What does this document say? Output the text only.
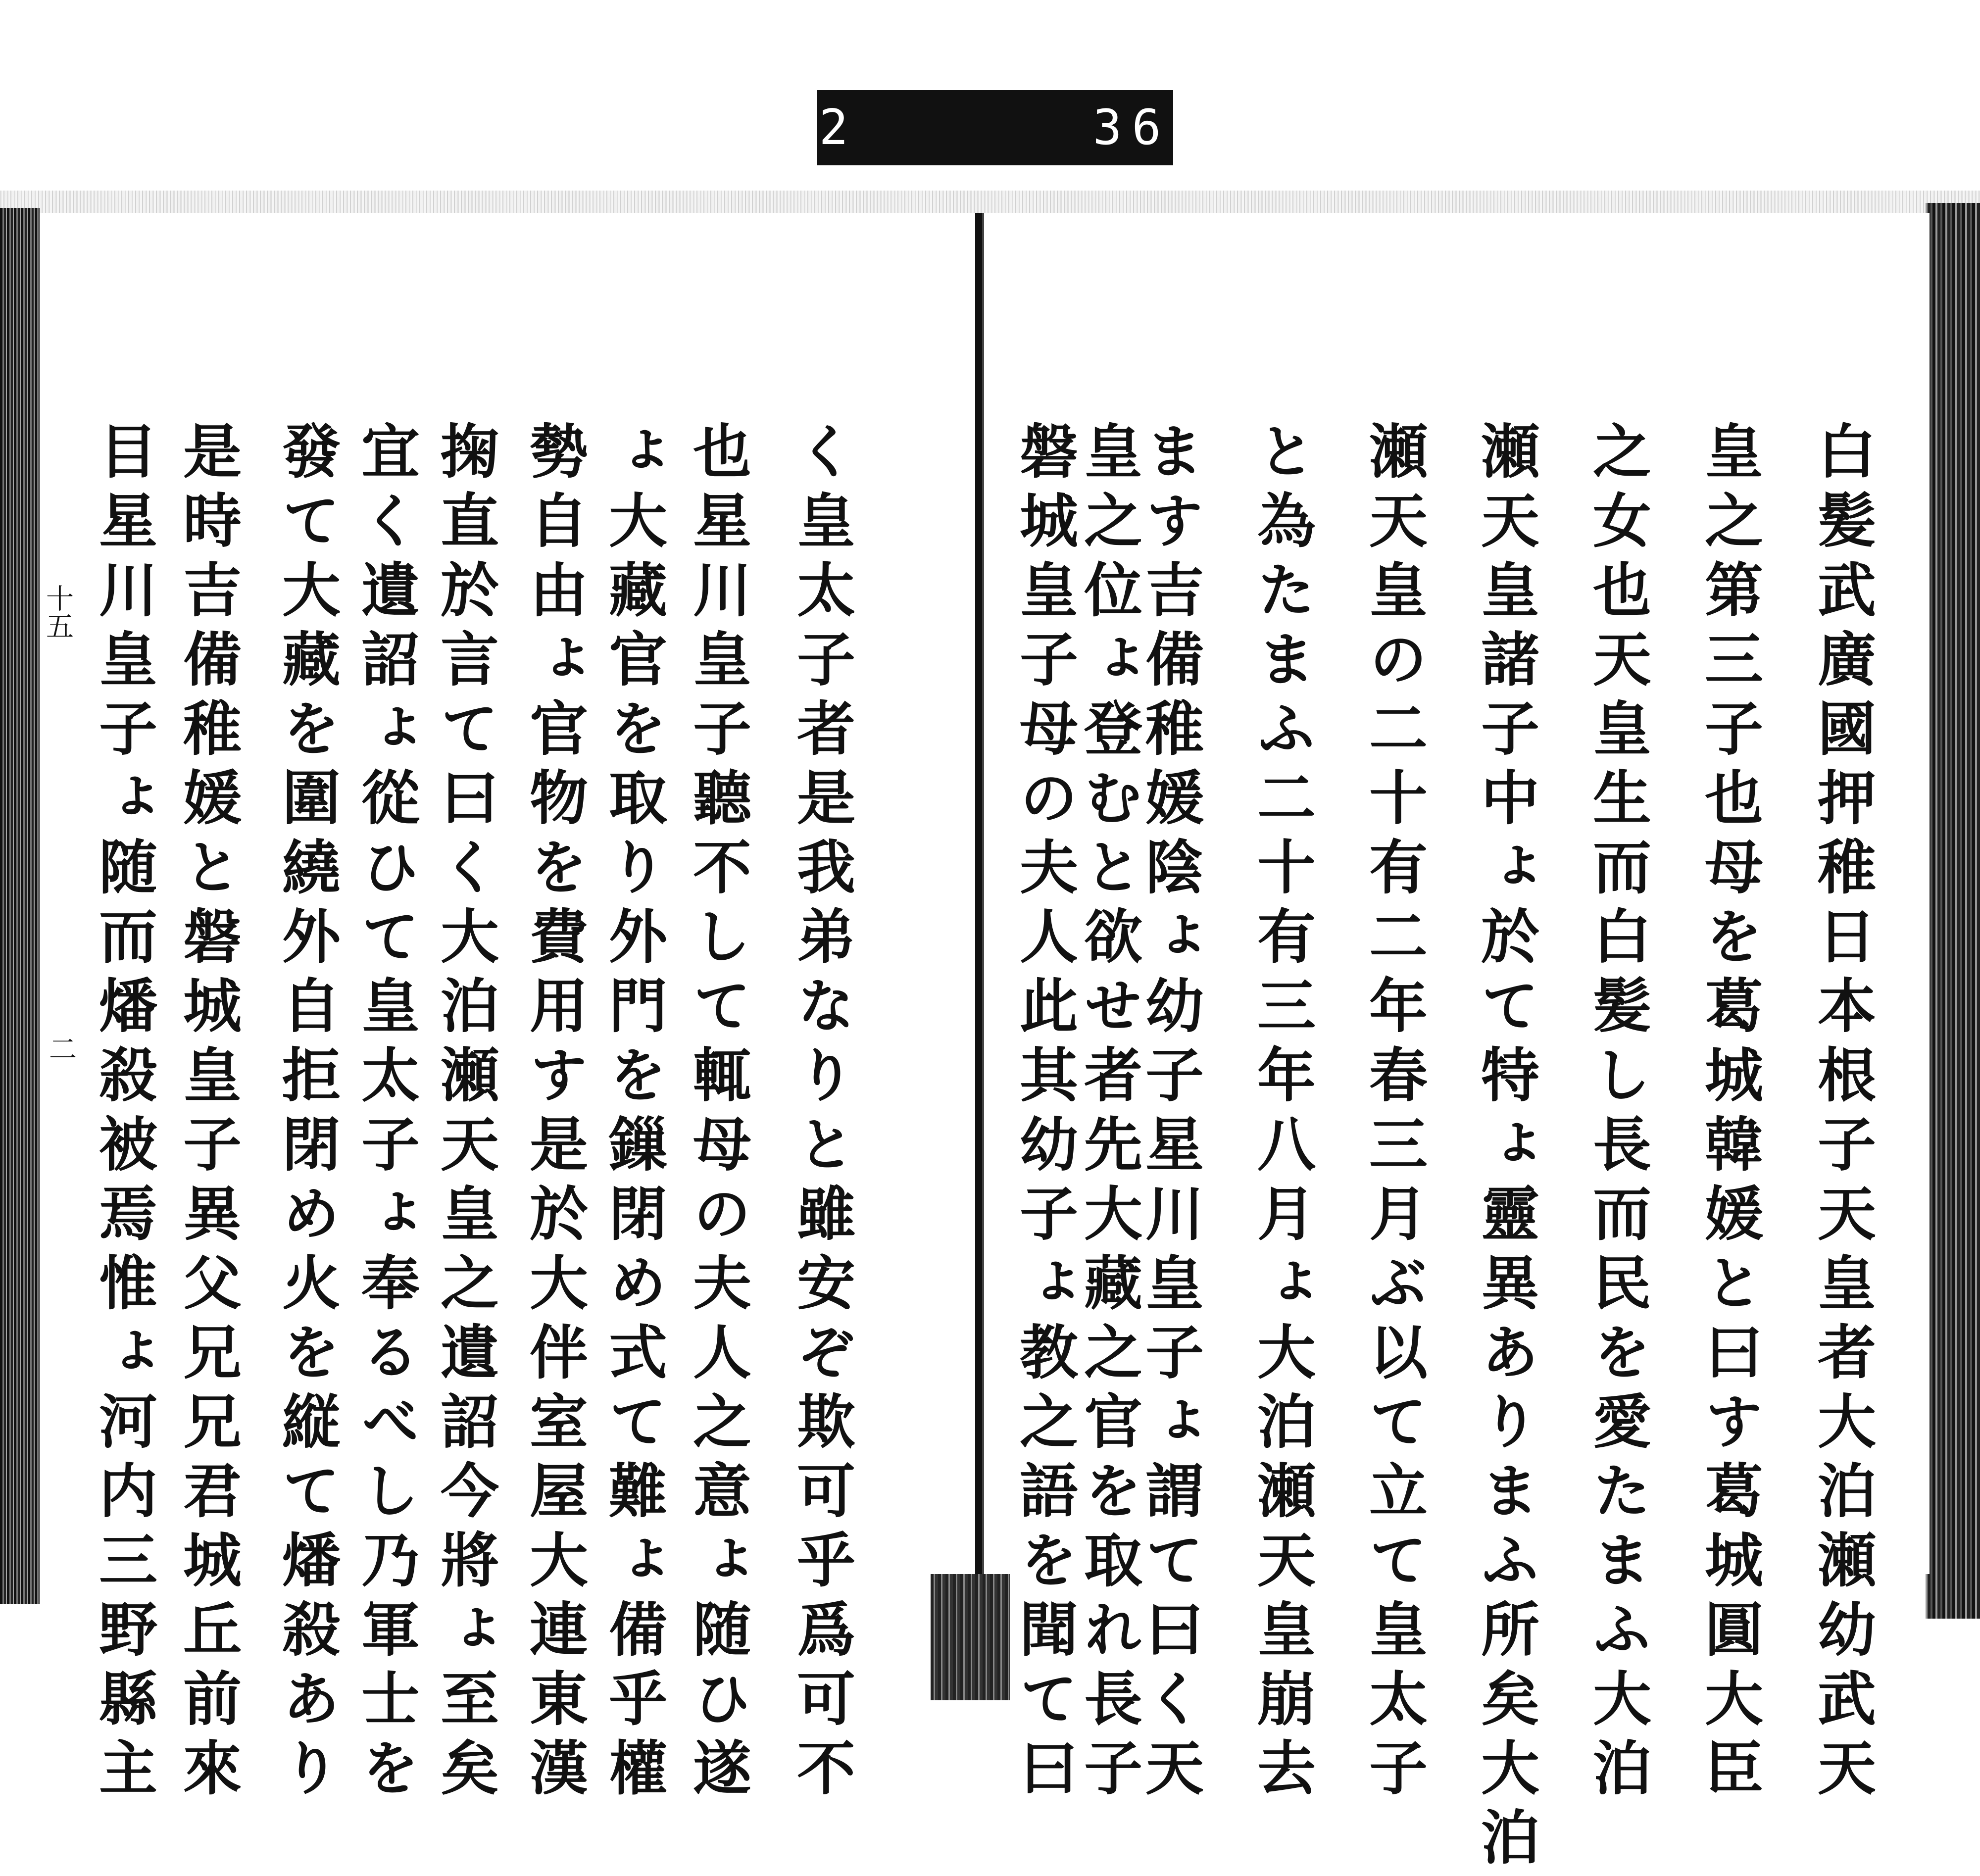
732
	363.
十五
二	白髪武廣國押稚日本根子天皇者大泊瀬幼武天
皇之第三子也母を葛城韓媛と曰す葛城圓大臣
之女也天皇生而白髪し長而民を愛たまふ大泊
瀬天皇諸子中ょ於て特ょ靈異ありまふ所矣大泊
瀬天皇の二十有二年春三月ぶ以て立て皇太子
と為たまふ二十有三年八月ょ大泊瀬天皇崩去
ます吉備稚媛陰ょ幼子星川皇子ょ謂て曰く天
皇之位ょ登むと欲せ者先大藏之官を取れ長子
磐城皇子母の夫人此其幼子ょ教之語を聞て曰
く皇太子者是我弟なりと雖安ぞ欺可乎爲可不
也星川皇子聽不して輒母の夫人之意ょ随ひ遂
ょ大藏官を取り外門を鏁閉め式て難ょ備乎權
勢自由ょ官物を費用す是於大伴室屋大連東漢
掬直於言て曰く大泊瀬天皇之遺詔今將ょ至矣
宜く遺詔ょ從ひて皇太子ょ奉るべし乃軍士を
發て大藏を圍繞外自拒閉め火を縦て燔殺あり
是時吉備稚媛と磐城皇子異父兄兄君城丘前來
目星川皇子ょ随而燔殺被焉惟ょ河内三野縣主
